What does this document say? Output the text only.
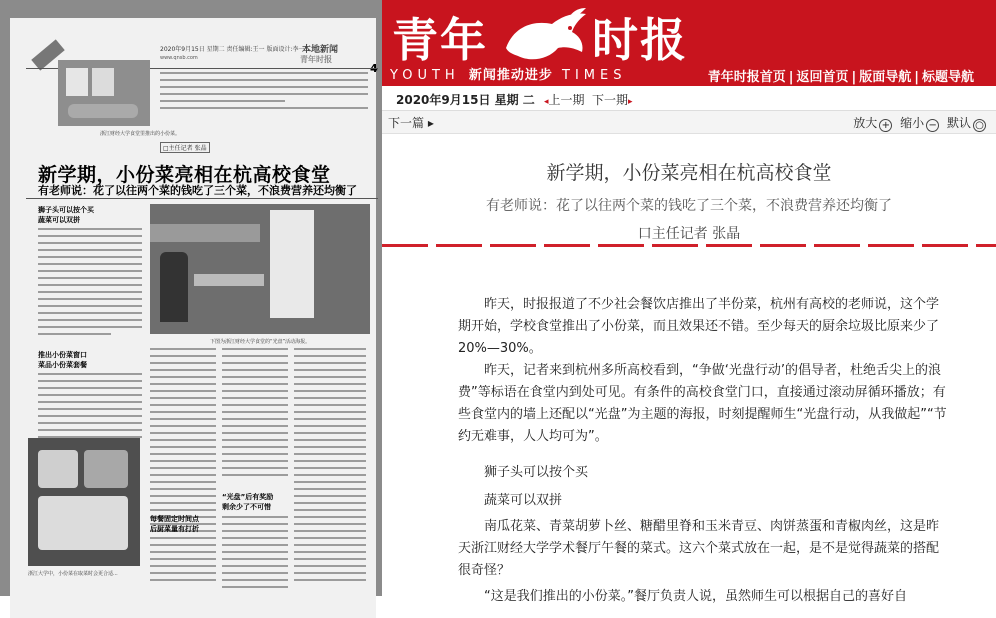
2020年9月15日 星期二 责任编辑:王一 版面设计:李一
www.qnsb.com
本地新闻
青年时报
浙江财经大学食堂里推出的小份菜。
□主任记者 张晶
新学期，小份菜亮相在杭高校食堂
有老师说：花了以往两个菜的钱吃了三个菜，不浪费营养还均衡了
狮子头可以按个买
蔬菜可以双拼
推出小份菜窗口
菜品小份菜套餐
下图为浙江财经大学食堂的“光盘”活动海报。
“光盘”后有奖励
剩余少了不可惜
浙江大学中，小份菜在取菜时会更合适...
每餐固定时间点
后厨菜量有打折
青年 时报
YOUTH 新闻推动进步 TIMES	青年时报首页 | 返回首页 | 版面导航 | 标题导航
2020年9月15日 星期 二 ◂上一期 下一期▸
下一篇 ▸	放大 + 缩小 − 默认 ○
新学期，小份菜亮相在杭高校食堂
有老师说：花了以往两个菜的钱吃了三个菜，不浪费营养还均衡了
口主任记者 张晶

昨天，时报报道了不少社会餐饮店推出了半份菜，杭州有高校的老师说，这个学期开始，学校食堂推出了小份菜，而且效果还不错。至少每天的厨余垃圾比原来少了20%—30%。

昨天，记者来到杭州多所高校看到，“争做‘光盘行动’的倡导者，杜绝舌尖上的浪费”等标语在食堂内到处可见。有条件的高校食堂门口，直接通过滚动屏循环播放；有些食堂内的墙上还配以“光盘”为主题的海报，时刻提醒师生“光盘行动，从我做起”“节约无难事，人人均可为”。

狮子头可以按个买

蔬菜可以双拼

南瓜花菜、青菜胡萝卜丝、糖醋里脊和玉米青豆、肉饼蒸蛋和青椒肉丝，这是昨天浙江财经大学学术餐厅午餐的菜式。这六个菜式放在一起，是不是觉得蔬菜的搭配很奇怪？

“这是我们推出的小份菜。”餐厅负责人说，虽然师生可以根据自己的喜好自
